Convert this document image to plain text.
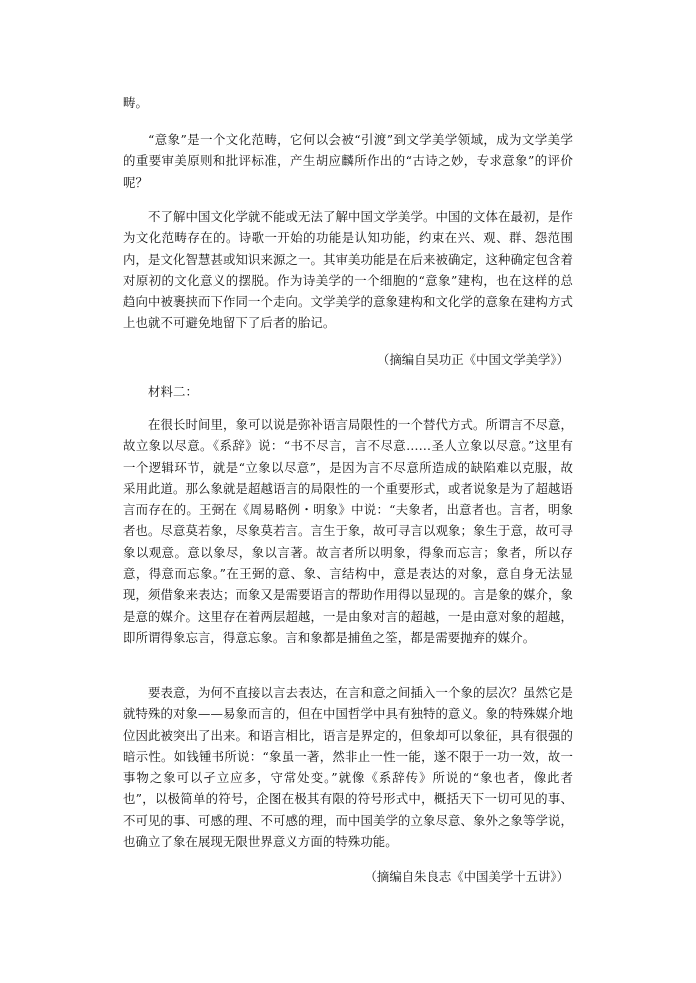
畴。

“意象”是一个文化范畴，它何以会被“引渡”到文学美学领域，成为文学美学的重要审美原则和批评标准，产生胡应麟所作出的“古诗之妙，专求意象”的评价呢？

不了解中国文化学就不能或无法了解中国文学美学。中国的文体在最初，是作为文化范畴存在的。诗歌一开始的功能是认知功能，约束在兴、观、群、怨范围内，是文化智慧甚或知识来源之一。其审美功能是在后来被确定，这种确定包含着对原初的文化意义的摆脱。作为诗美学的一个细胞的“意象”建构，也在这样的总趋向中被裹挟而下作同一个走向。文学美学的意象建构和文化学的意象在建构方式上也就不可避免地留下了后者的胎记。

（摘编自吴功正《中国文学美学》）

材料二：

在很长时间里，象可以说是弥补语言局限性的一个替代方式。所谓言不尽意，故立象以尽意。《系辞》说：“书不尽言，言不尽意……圣人立象以尽意。”这里有一个逻辑环节，就是“立象以尽意”，是因为言不尽意所造成的缺陷难以克服，故采用此道。那么象就是超越语言的局限性的一个重要形式，或者说象是为了超越语言而存在的。王弼在《周易略例・明象》中说：“夫象者，出意者也。言者，明象者也。尽意莫若象，尽象莫若言。言生于象，故可寻言以观象；象生于意，故可寻象以观意。意以象尽，象以言著。故言者所以明象，得象而忘言；象者，所以存意，得意而忘象。”在王弼的意、象、言结构中，意是表达的对象，意自身无法显现，须借象来表达；而象又是需要语言的帮助作用得以显现的。言是象的媒介，象是意的媒介。这里存在着两层超越，一是由象对言的超越，一是由意对象的超越，即所谓得象忘言，得意忘象。言和象都是捕鱼之筌，都是需要抛弃的媒介。

要表意，为何不直接以言去表达，在言和意之间插入一个象的层次？虽然它是就特殊的对象——易象而言的，但在中国哲学中具有独特的意义。象的特殊媒介地位因此被突出了出来。和语言相比，语言是界定的，但象却可以象征，具有很强的暗示性。如钱锺书所说：“象虽一著，然非止一性一能，遂不限于一功一效，故一事物之象可以孑立应多，守常处变。”就像《系辞传》所说的“象也者，像此者也”，以极简单的符号，企图在极其有限的符号形式中，概括天下一切可见的事、不可见的事、可感的理、不可感的理，而中国美学的立象尽意、象外之象等学说，也确立了象在展现无限世界意义方面的特殊功能。

（摘编自朱良志《中国美学十五讲》）
